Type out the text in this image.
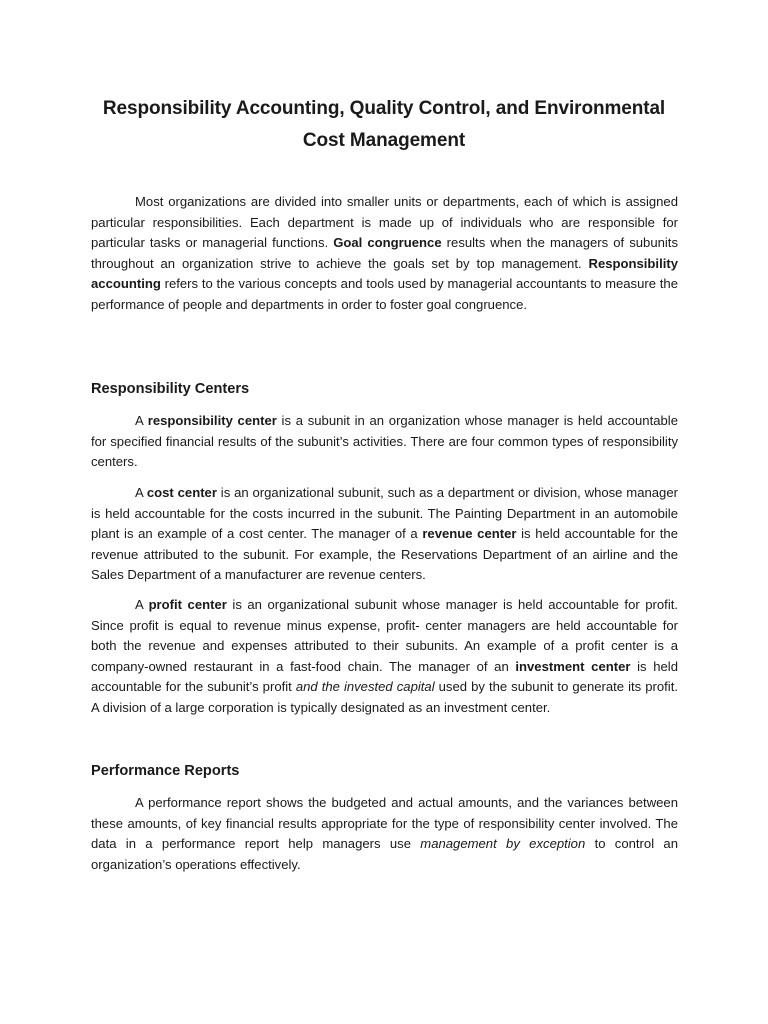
Responsibility Accounting, Quality Control, and Environmental Cost Management

Most organizations are divided into smaller units or departments, each of which is assigned particular responsibilities. Each department is made up of individuals who are responsible for particular tasks or managerial functions. Goal congruence results when the managers of subunits throughout an organization strive to achieve the goals set by top management. Responsibility accounting refers to the various concepts and tools used by managerial accountants to measure the performance of people and departments in order to foster goal congruence.

Responsibility Centers

A responsibility center is a subunit in an organization whose manager is held accountable for specified financial results of the subunit’s activities. There are four common types of responsibility centers.

A cost center is an organizational subunit, such as a department or division, whose manager is held accountable for the costs incurred in the subunit. The Painting Department in an automobile plant is an example of a cost center. The manager of a revenue center is held accountable for the revenue attributed to the subunit. For example, the Reservations Department of an airline and the Sales Department of a manufacturer are revenue centers.

A profit center is an organizational subunit whose manager is held accountable for profit. Since profit is equal to revenue minus expense, profit- center managers are held accountable for both the revenue and expenses attributed to their subunits. An example of a profit center is a company-owned restaurant in a fast-food chain. The manager of an investment center is held accountable for the subunit’s profit and the invested capital used by the subunit to generate its profit. A division of a large corporation is typically designated as an investment center.

Performance Reports

A performance report shows the budgeted and actual amounts, and the variances between these amounts, of key financial results appropriate for the type of responsibility center involved. The data in a performance report help managers use management by exception to control an organization’s operations effectively.
